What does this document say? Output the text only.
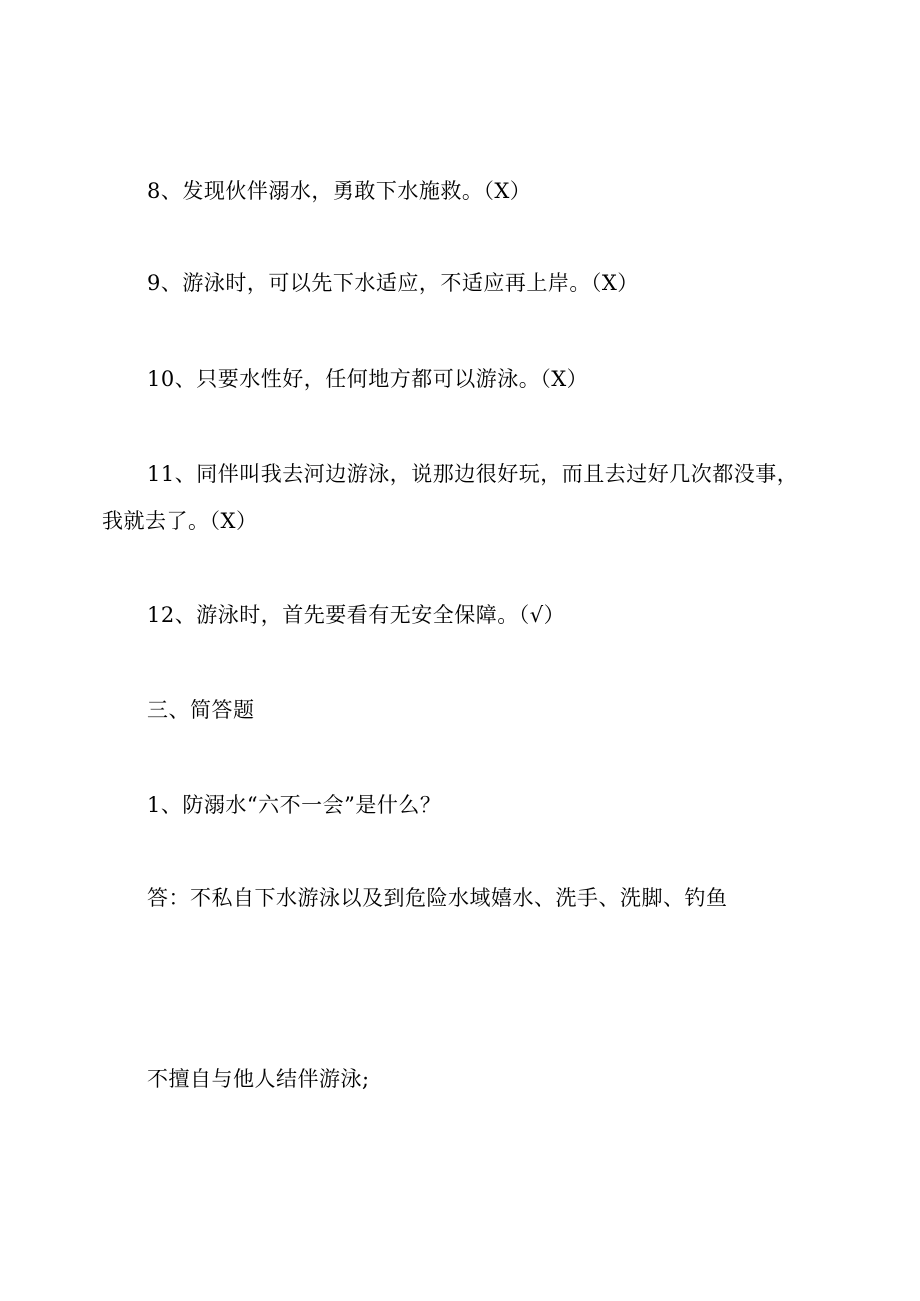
8、发现伙伴溺水，勇敢下水施救。（X）
9、游泳时，可以先下水适应，不适应再上岸。（X）
10、只要水性好，任何地方都可以游泳。（X）
11、同伴叫我去河边游泳，说那边很好玩，而且去过好几次都没事，
我就去了。（X）
12、游泳时，首先要看有无安全保障。（√）
三、简答题
1、防溺水“六不一会”是什么？
答：不私自下水游泳以及到危险水域嬉水、洗手、洗脚、钓鱼
不擅自与他人结伴游泳;
